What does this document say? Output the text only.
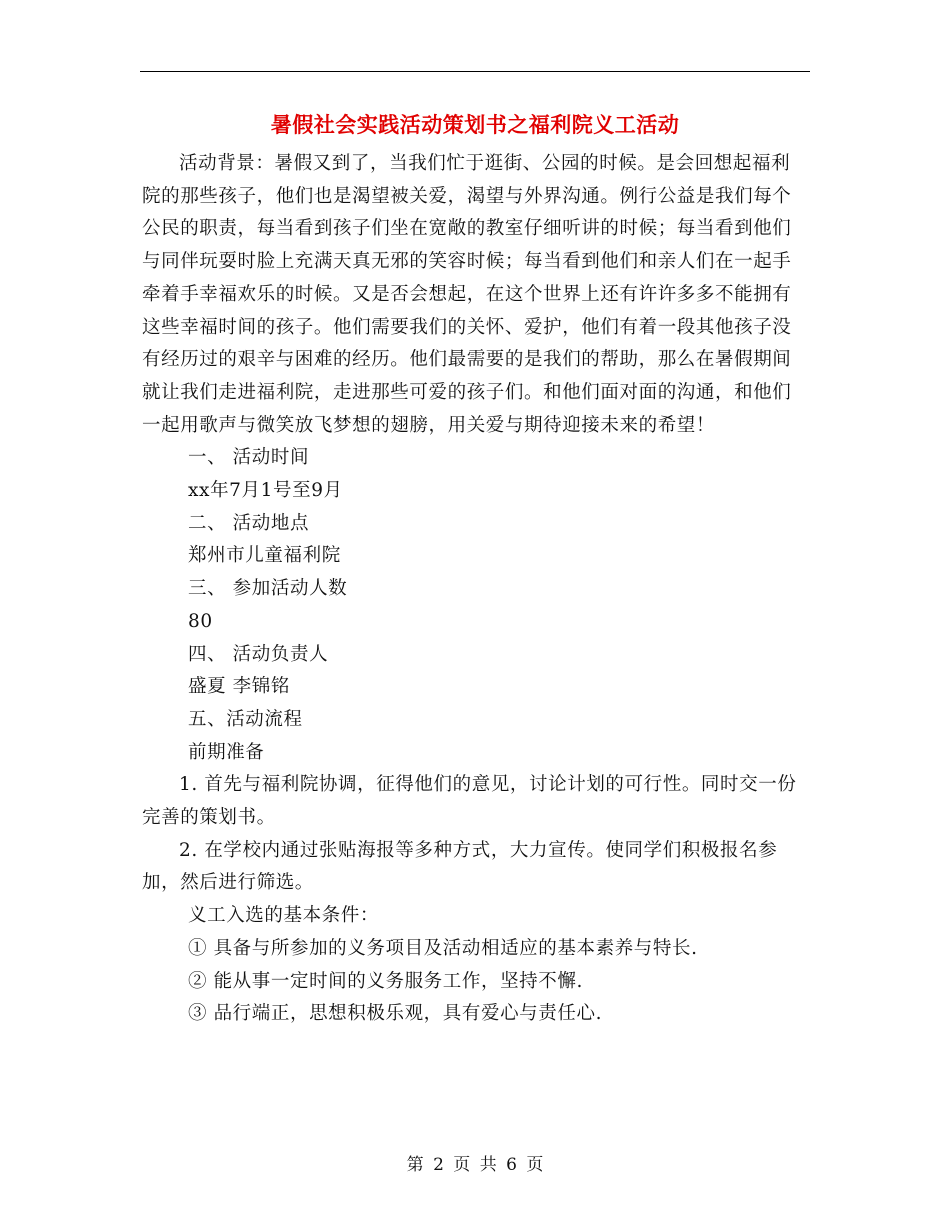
暑假社会实践活动策划书之福利院义工活动

活动背景：暑假又到了，当我们忙于逛街、公园的时候。是会回想起福利院的那些孩子，他们也是渴望被关爱，渴望与外界沟通。例行公益是我们每个公民的职责，每当看到孩子们坐在宽敞的教室仔细听讲的时候；每当看到他们与同伴玩耍时脸上充满天真无邪的笑容时候；每当看到他们和亲人们在一起手牵着手幸福欢乐的时候。又是否会想起，在这个世界上还有许许多多不能拥有这些幸福时间的孩子。他们需要我们的关怀、爱护，他们有着一段其他孩子没有经历过的艰辛与困难的经历。他们最需要的是我们的帮助，那么在暑假期间就让我们走进福利院，走进那些可爱的孩子们。和他们面对面的沟通，和他们一起用歌声与微笑放飞梦想的翅膀，用关爱与期待迎接未来的希望！

一、 活动时间

xx年7月1号至9月

二、 活动地点

郑州市儿童福利院

三、 参加活动人数

80

四、 活动负责人

盛夏 李锦铭

五、活动流程

前期准备

1. 首先与福利院协调，征得他们的意见，讨论计划的可行性。同时交一份完善的策划书。

2. 在学校内通过张贴海报等多种方式，大力宣传。使同学们积极报名参加，然后进行筛选。

义工入选的基本条件：

① 具备与所参加的义务项目及活动相适应的基本素养与特长.

② 能从事一定时间的义务服务工作，坚持不懈.

③ 品行端正，思想积极乐观，具有爱心与责任心.

第 2 页 共 6 页
